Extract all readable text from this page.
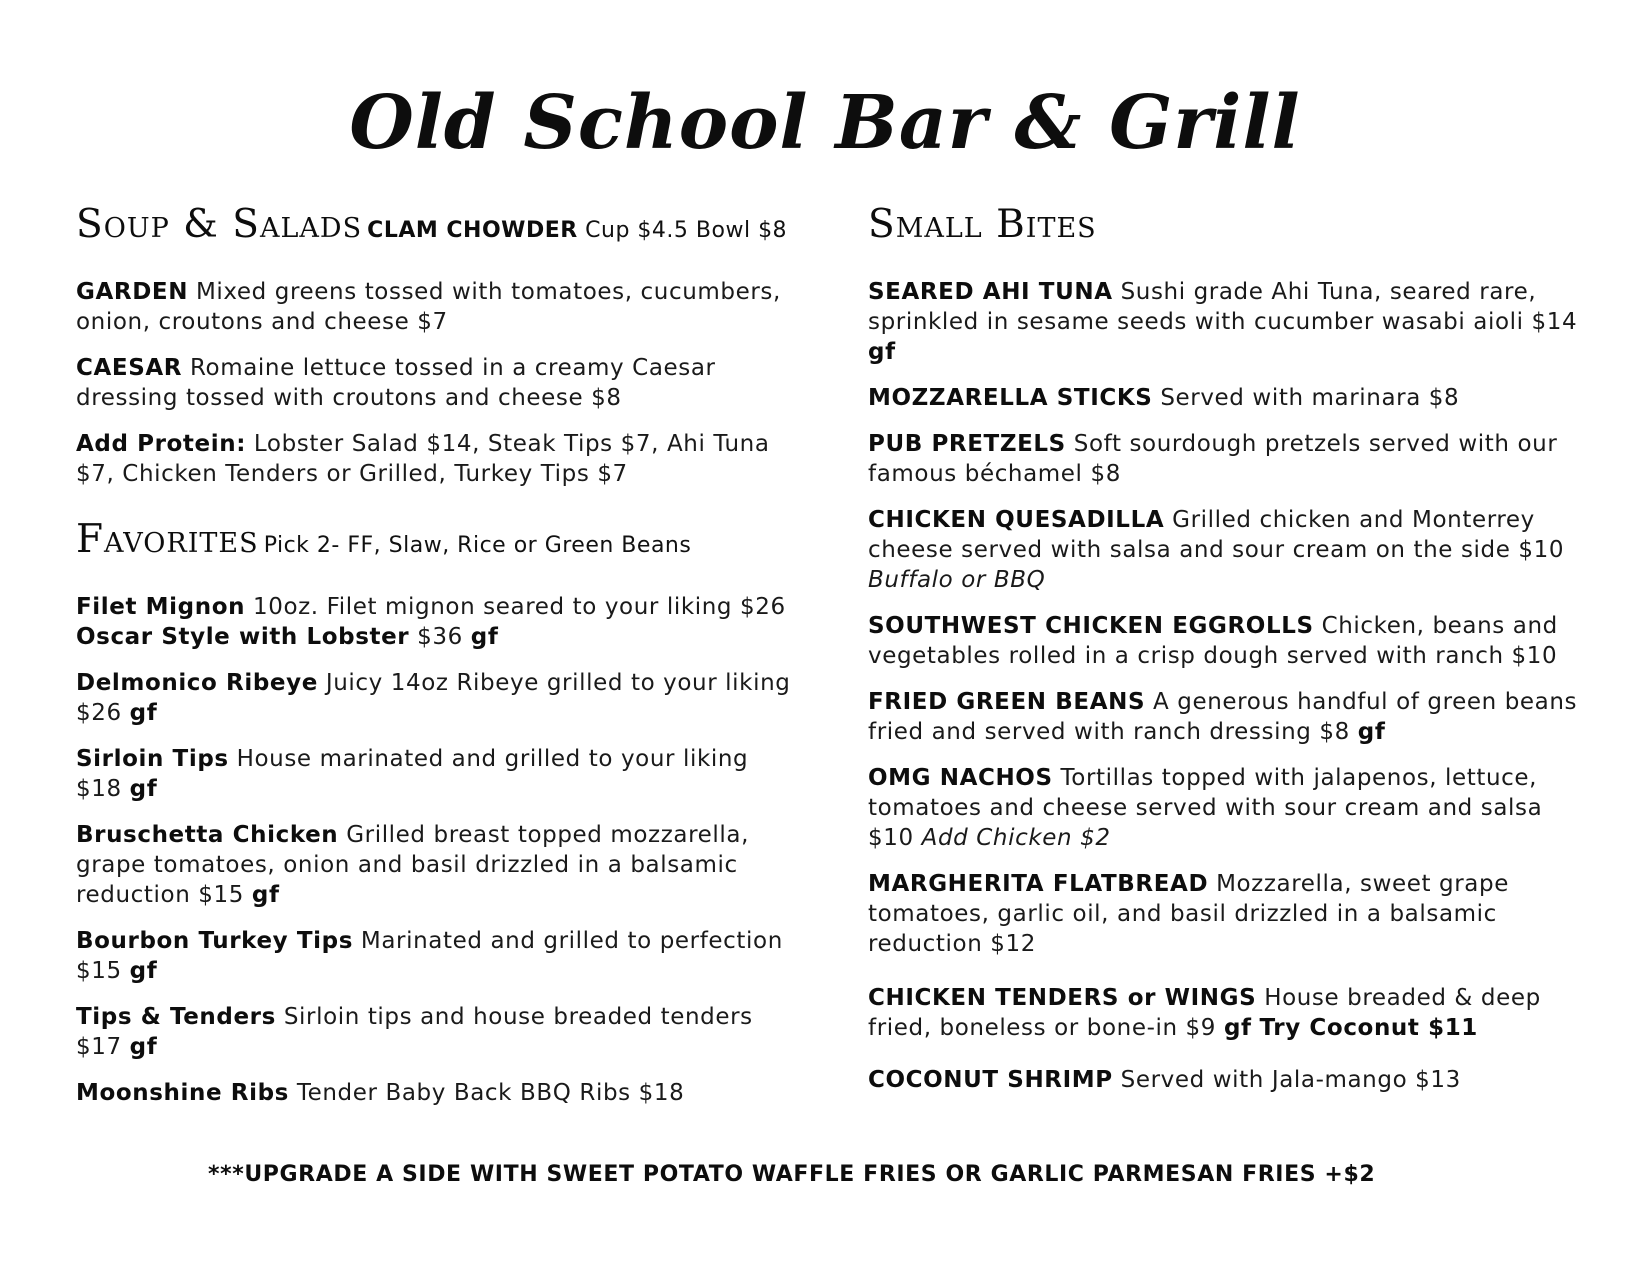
Old School Bar & Grill
Soup & Salads CLAM CHOWDER Cup $4.5 Bowl $8

GARDEN Mixed greens tossed with tomatoes, cucumbers, onion, croutons and cheese $7

CAESAR Romaine lettuce tossed in a creamy Caesar dressing tossed with croutons and cheese $8

Add Protein: Lobster Salad $14, Steak Tips $7, Ahi Tuna $7, Chicken Tenders or Grilled, Turkey Tips $7

Favorites Pick 2- FF, Slaw, Rice or Green Beans

Filet Mignon 10oz. Filet mignon seared to your liking $26 Oscar Style with Lobster $36 gf

Delmonico Ribeye Juicy 14oz Ribeye grilled to your liking $26 gf

Sirloin Tips House marinated and grilled to your liking $18 gf

Bruschetta Chicken Grilled breast topped mozzarella, grape tomatoes, onion and basil drizzled in a balsamic reduction $15 gf

Bourbon Turkey Tips Marinated and grilled to perfection $15 gf

Tips & Tenders Sirloin tips and house breaded tenders $17 gf

Moonshine Ribs Tender Baby Back BBQ Ribs $18

Small Bites

SEARED AHI TUNA Sushi grade Ahi Tuna, seared rare, sprinkled in sesame seeds with cucumber wasabi aioli $14 gf

MOZZARELLA STICKS Served with marinara $8

PUB PRETZELS Soft sourdough pretzels served with our famous béchamel $8

CHICKEN QUESADILLA Grilled chicken and Monterrey cheese served with salsa and sour cream on the side $10 Buffalo or BBQ

SOUTHWEST CHICKEN EGGROLLS Chicken, beans and vegetables rolled in a crisp dough served with ranch $10

FRIED GREEN BEANS A generous handful of green beans fried and served with ranch dressing $8 gf

OMG NACHOS Tortillas topped with jalapenos, lettuce, tomatoes and cheese served with sour cream and salsa $10 Add Chicken $2

MARGHERITA FLATBREAD Mozzarella, sweet grape tomatoes, garlic oil, and basil drizzled in a balsamic reduction $12

CHICKEN TENDERS or WINGS House breaded & deep fried, boneless or bone-in $9 gf Try Coconut $11

COCONUT SHRIMP Served with Jala-mango $13

***UPGRADE A SIDE WITH SWEET POTATO WAFFLE FRIES OR GARLIC PARMESAN FRIES +$2
